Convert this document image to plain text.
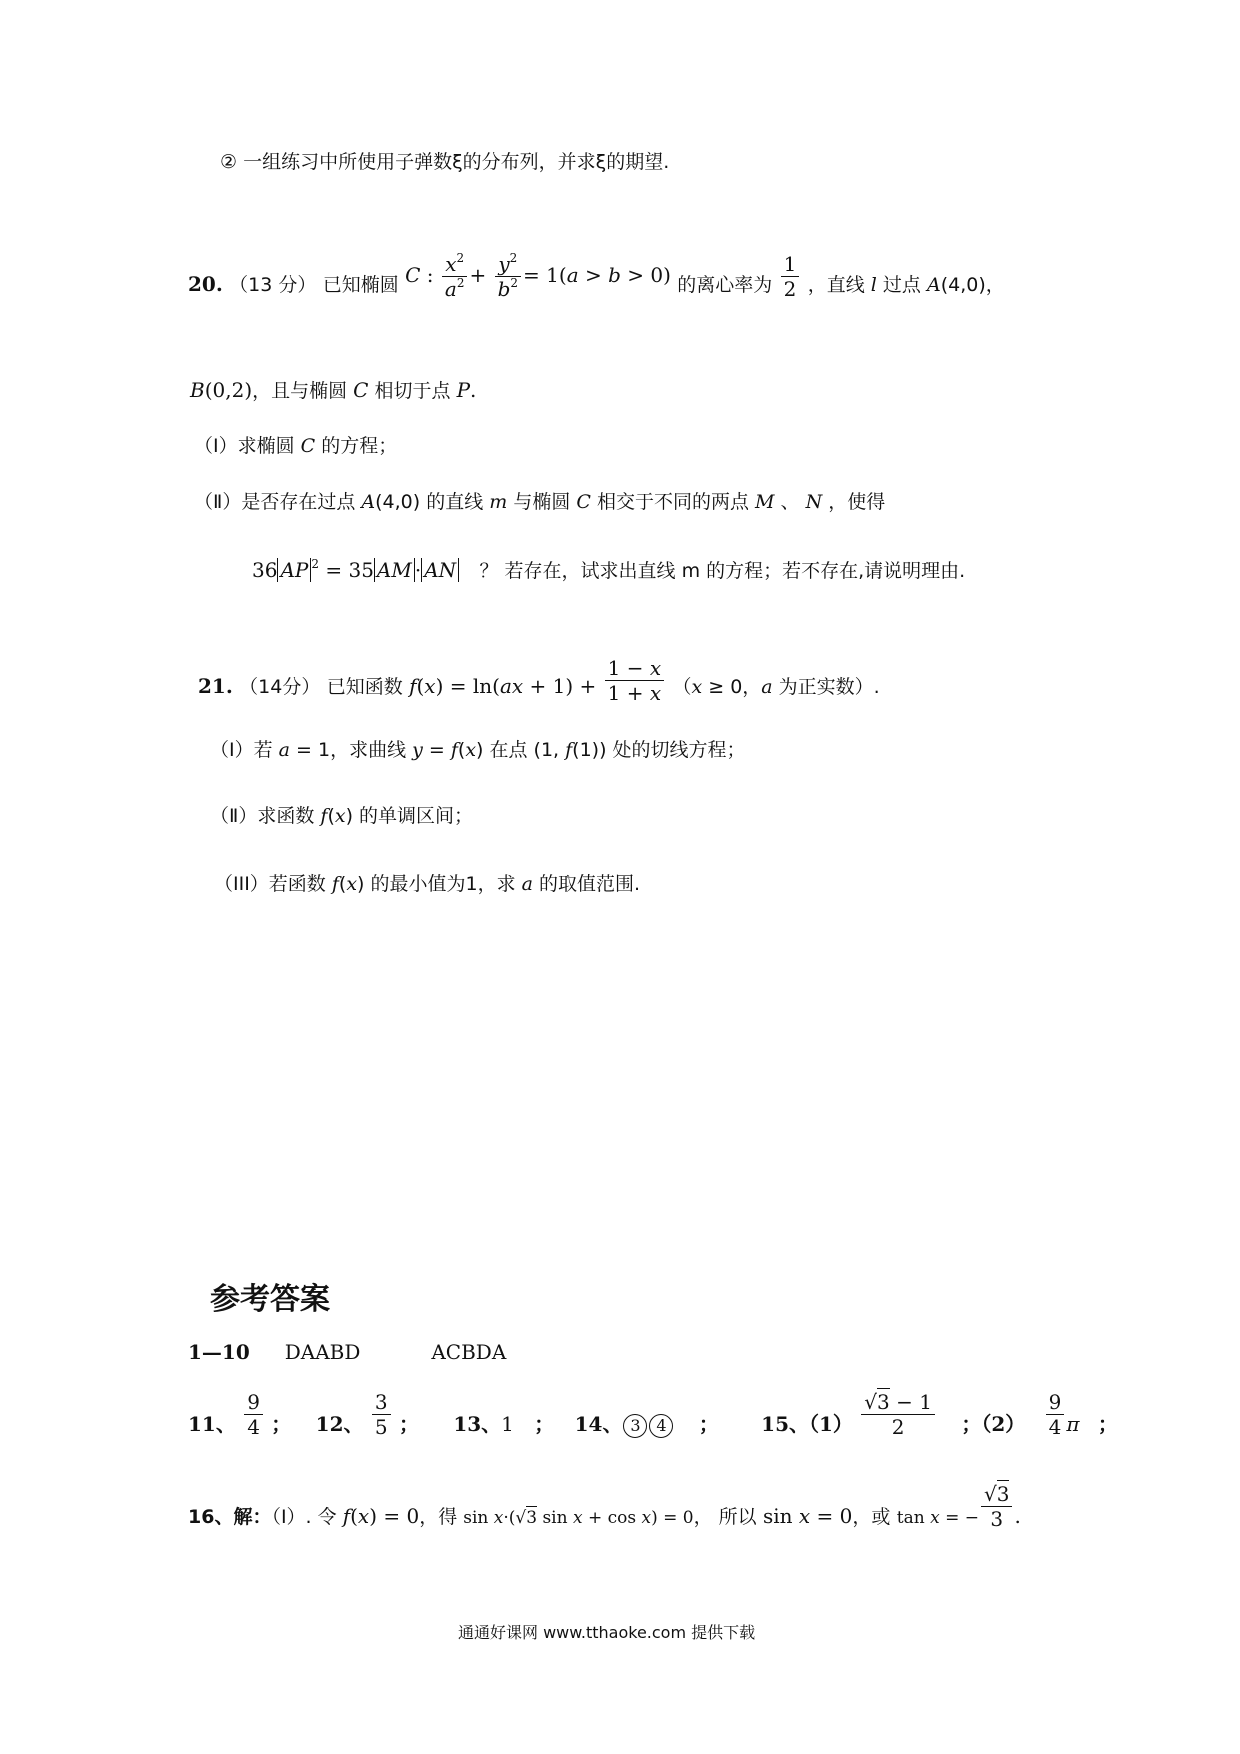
② 一组练习中所使用子弹数ξ的分布列，并求ξ的期望.
20. （13 分） 已知椭圆 C : $\frac{x^2}{a^2} + \frac{y^2}{b^2} = 1(a > b > 0)$ 的离心率为 $\frac{1}{2}$ ，直线 l 过点 A(4,0)，
B(0,2)，且与椭圆 C 相切于点 P.
（Ⅰ）求椭圆 C 的方程；
（Ⅱ）是否存在过点 A(4,0) 的直线 m 与椭圆 C 相交于不同的两点 M 、 N ，使得
36 AP $^2$ = 35 AM · AN ？ 若存在，试求出直线 m 的方程；若不存在,请说明理由.
21. （14分） 已知函数 $f(x) = \ln(ax + 1) + \frac{1 - x}{1 + x} (x \ge 0$，a 为正实数）.
（Ⅰ）若 a = 1，求曲线 y = f(x) 在点 (1, f(1)) 处的切线方程；
（Ⅱ）求函数 f(x) 的单调区间；
（III）若函数 f(x) 的最小值为1，求 a 的取值范围.
参考答案
1—10 DAABD	ACBDA
11、 $\frac{9}{4}$ ； 12、 $\frac{3}{5}$ ； 13、1 ； 14、 3 4 ； 15、$(1) \frac{√3 - 1}{2}$ ；$(2) \frac{9}{4}$ π ；
16、解：（Ⅰ）. 令 f(x) = 0，得 $_{sin x\cdot(√3 sin x + cos x) = 0}$， 所以 sin x = 0，或 $_{tan x = -} \frac{√3}{3}$ .
通通好课网 www.tthaoke.com 提供下载
